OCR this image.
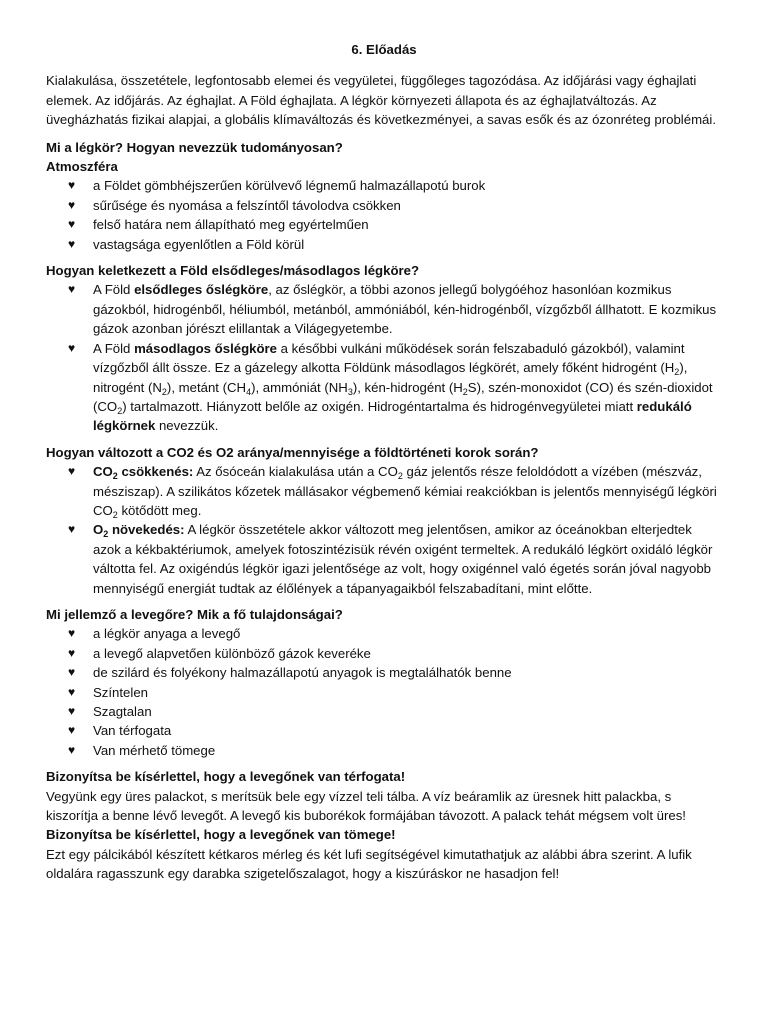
6. Előadás

Kialakulása, összetétele, legfontosabb elemei és vegyületei, függőleges tagozódása. Az időjárási vagy éghajlati elemek. Az időjárás. Az éghajlat. A Föld éghajlata. A légkör környezeti állapota és az éghajlatváltozás. Az üvegházhatás fizikai alapjai, a globális klímaváltozás és következményei, a savas esők és az ózonréteg problémái.

Mi a légkör? Hogyan nevezzük tudományosan?

Atmoszféra

♥ a Földet gömbhéjszerűen körülvevő légnemű halmazállapotú burok
♥ sűrűsége és nyomása a felszíntől távolodva csökken
♥ felső határa nem állapítható meg egyértelműen
♥ vastagsága egyenlőtlen a Föld körül

Hogyan keletkezett a Föld elsődleges/másodlagos légköre?

♥ A Föld elsődleges őslégköre, az őslégkör, a többi azonos jellegű bolygóéhoz hasonlóan kozmikus gázokból, hidrogénből, héliumból, metánból, ammóniából, kén-hidrogénből, vízgőzből állhatott. E kozmikus gázok azonban jórészt elillantak a Világegyetembe.
♥ A Föld másodlagos őslégköre a későbbi vulkáni működések során felszabaduló gázokból), valamint vízgőzből állt össze. Ez a gázelegy alkotta Földünk másodlagos légkörét, amely főként hidrogént $(H_2)$, nitrogént $(N_2)$, metánt $(CH_4)$, ammóniát $(NH_3)$, kén-hidrogént $(H_2S)$, szén-monoxidot (CO) és szén-dioxidot $(CO_2)$ tartalmazott. Hiányzott belőle az oxigén. Hidrogéntartalma és hidrogénvegyületei miatt redukáló légkörnek nevezzük.

Hogyan változott a CO2 és O2 aránya/mennyisége a földtörténeti korok során?

♥ $CO_2$ csökkenés: Az ősóceán kialakulása után a $CO_2$ gáz jelentős része feloldódott a vízében (mészváz, mésziszap). A szilikátos kőzetek mállásakor végbemenő kémiai reakciókban is jelentős mennyiségű légköri $CO_2$ kötődött meg.
♥ $O_2$ növekedés: A légkör összetétele akkor változott meg jelentősen, amikor az óceánokban elterjedtek azok a kékbaktériumok, amelyek fotoszintézisük révén oxigént termeltek. A redukáló légkört oxidáló légkör váltotta fel. Az oxigéndús légkör igazi jelentősége az volt, hogy oxigénnel való égetés során jóval nagyobb mennyiségű energiát tudtak az élőlények a tápanyagaikból felszabadítani, mint előtte.

Mi jellemző a levegőre? Mik a fő tulajdonságai?

♥ a légkör anyaga a levegő
♥ a levegő alapvetően különböző gázok keveréke
♥ de szilárd és folyékony halmazállapotú anyagok is megtalálhatók benne
♥ Színtelen
♥ Szagtalan
♥ Van térfogata
♥ Van mérhető tömege

Bizonyítsa be kísérlettel, hogy a levegőnek van térfogata!

Vegyünk egy üres palackot, s merítsük bele egy vízzel teli tálba. A víz beáramlik az üresnek hitt palackba, s kiszorítja a benne lévő levegőt. A levegő kis buborékok formájában távozott. A palack tehát mégsem volt üres!

Bizonyítsa be kísérlettel, hogy a levegőnek van tömege!

Ezt egy pálcikából készített kétkaros mérleg és két lufi segítségével kimutathatjuk az alábbi ábra szerint. A lufik oldalára ragasszunk egy darabka szigetelőszalagot, hogy a kiszúráskor ne hasadjon fel!
